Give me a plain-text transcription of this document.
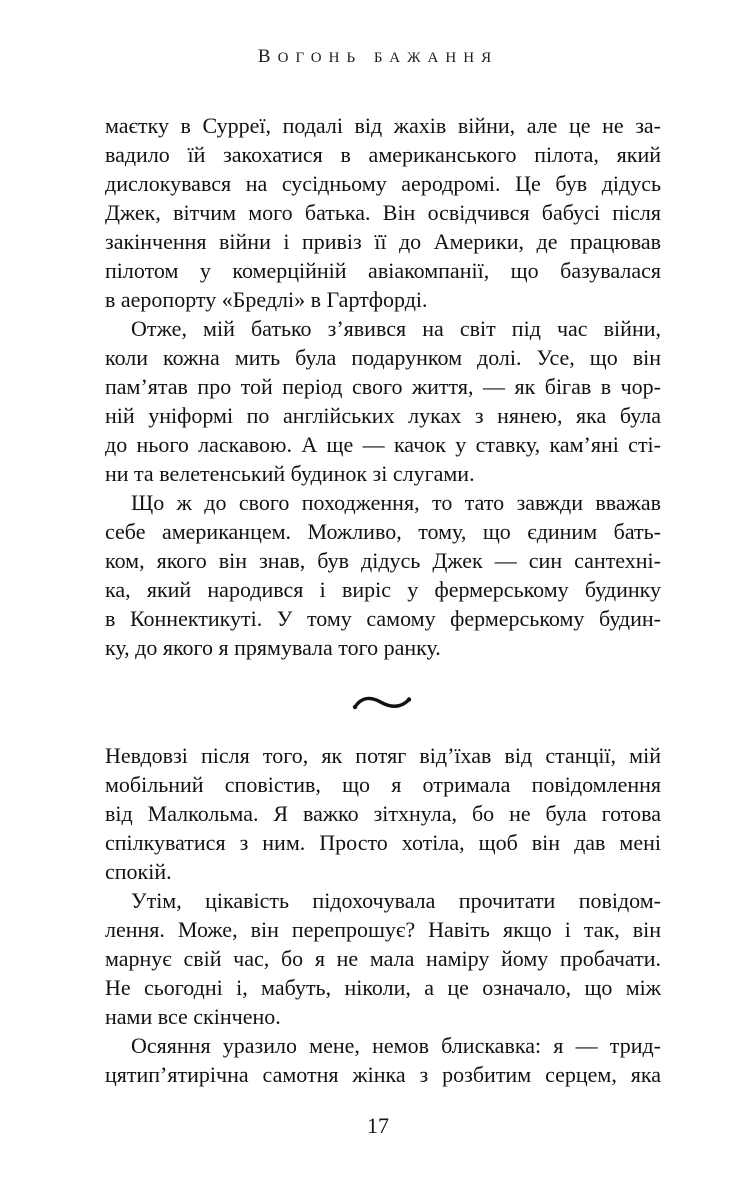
ВОГОНЬ БАЖАННЯ
маєтку в Сурреї, подалі від жахів війни, але це не за-
вадило їй закохатися в американського пілота, який
дислокувався на сусідньому аеродромі. Це був дідусь
Джек, вітчим мого батька. Він освідчився бабусі після
закінчення війни і привіз її до Америки, де працював
пілотом у комерційній авіакомпанії, що базувалася
в аеропорту «Бредлі» в Гартфорді.
Отже, мій батько з’явився на світ під час війни,
коли кожна мить була подарунком долі. Усе, що він
пам’ятав про той період свого життя, — як бігав в чор-
ній уніформі по англійських луках з нянею, яка була
до нього ласкавою. А ще — качок у ставку, кам’яні сті-
ни та велетенський будинок зі слугами.
Що ж до свого походження, то тато завжди вважав
себе американцем. Можливо, тому, що єдиним бать-
ком, якого він знав, був дідусь Джек — син сантехні-
ка, який народився і виріс у фермерському будинку
в Коннектикуті. У тому самому фермерському будин-
ку, до якого я прямувала того ранку.
Невдовзі після того, як потяг від’їхав від станції, мій
мобільний сповістив, що я отримала повідомлення
від Малкольма. Я важко зітхнула, бо не була готова
спілкуватися з ним. Просто хотіла, щоб він дав мені
спокій.
Утім, цікавість підохочувала прочитати повідом-
лення. Може, він перепрошує? Навіть якщо і так, він
марнує свій час, бо я не мала наміру йому пробачати.
Не сьогодні і, мабуть, ніколи, а це означало, що між
нами все скінчено.
Осяяння уразило мене, немов блискавка: я — трид-
цятип’ятирічна самотня жінка з розбитим серцем, яка
17
